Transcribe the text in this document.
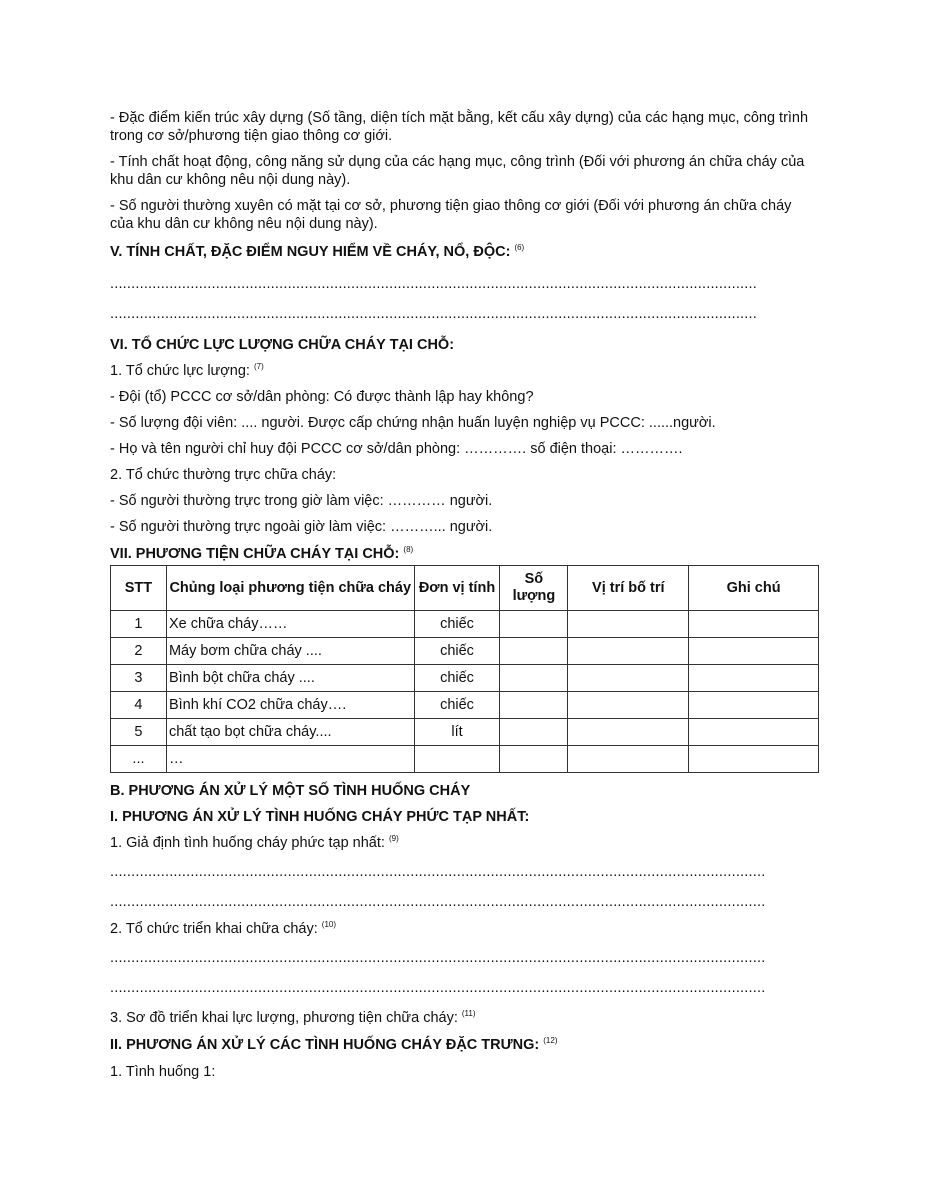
- Đặc điểm kiến trúc xây dựng (Số tầng, diện tích mặt bằng, kết cấu xây dựng) của các hạng mục, công trình trong cơ sở/phương tiện giao thông cơ giới.

- Tính chất hoạt động, công năng sử dụng của các hạng mục, công trình (Đối với phương án chữa cháy của khu dân cư không nêu nội dung này).

- Số người thường xuyên có mặt tại cơ sở, phương tiện giao thông cơ giới (Đối với phương án chữa cháy của khu dân cư không nêu nội dung này).

V. TÍNH CHẤT, ĐẶC ĐIỂM NGUY HIỂM VỀ CHÁY, NỔ, ĐỘC: $^{(6)}$

.........................................................................................................................................................

.........................................................................................................................................................

VI. TỔ CHỨC LỰC LƯỢNG CHỮA CHÁY TẠI CHỖ:

1. Tổ chức lực lượng: $^{(7)}$

- Đội (tổ) PCCC cơ sở/dân phòng: Có được thành lập hay không?

- Số lượng đội viên: .... người. Được cấp chứng nhận huấn luyện nghiệp vụ PCCC: ......người.

- Họ và tên người chỉ huy đội PCCC cơ sở/dân phòng: …………. số điện thoại: ………….

2. Tổ chức thường trực chữa cháy:

- Số người thường trực trong giờ làm việc: ………… người.

- Số người thường trực ngoài giờ làm việc: ………... người.

VII. PHƯƠNG TIỆN CHỮA CHÁY TẠI CHỖ: $^{(8)}$

STT	Chủng loại phương tiện chữa cháy	Đơn vị tính	Số lượng	Vị trí bố trí	Ghi chú
1	Xe chữa cháy……	chiếc			
2	Máy bơm chữa cháy ....	chiếc			
3	Bình bột chữa cháy ....	chiếc			
4	Bình khí CO2 chữa cháy….	chiếc			
5	chất tạo bọt chữa cháy....	lít			
...	…				

B. PHƯƠNG ÁN XỬ LÝ MỘT SỐ TÌNH HUỐNG CHÁY

I. PHƯƠNG ÁN XỬ LÝ TÌNH HUỐNG CHÁY PHỨC TẠP NHẤT:

1. Giả định tình huống cháy phức tạp nhất: $^{(9)}$

...........................................................................................................................................................

...........................................................................................................................................................

2. Tổ chức triển khai chữa cháy: $^{(10)}$

...........................................................................................................................................................

...........................................................................................................................................................

3. Sơ đồ triển khai lực lượng, phương tiện chữa cháy: $^{(11)}$

II. PHƯƠNG ÁN XỬ LÝ CÁC TÌNH HUỐNG CHÁY ĐẶC TRƯNG: $^{(12)}$

1. Tình huống 1:
